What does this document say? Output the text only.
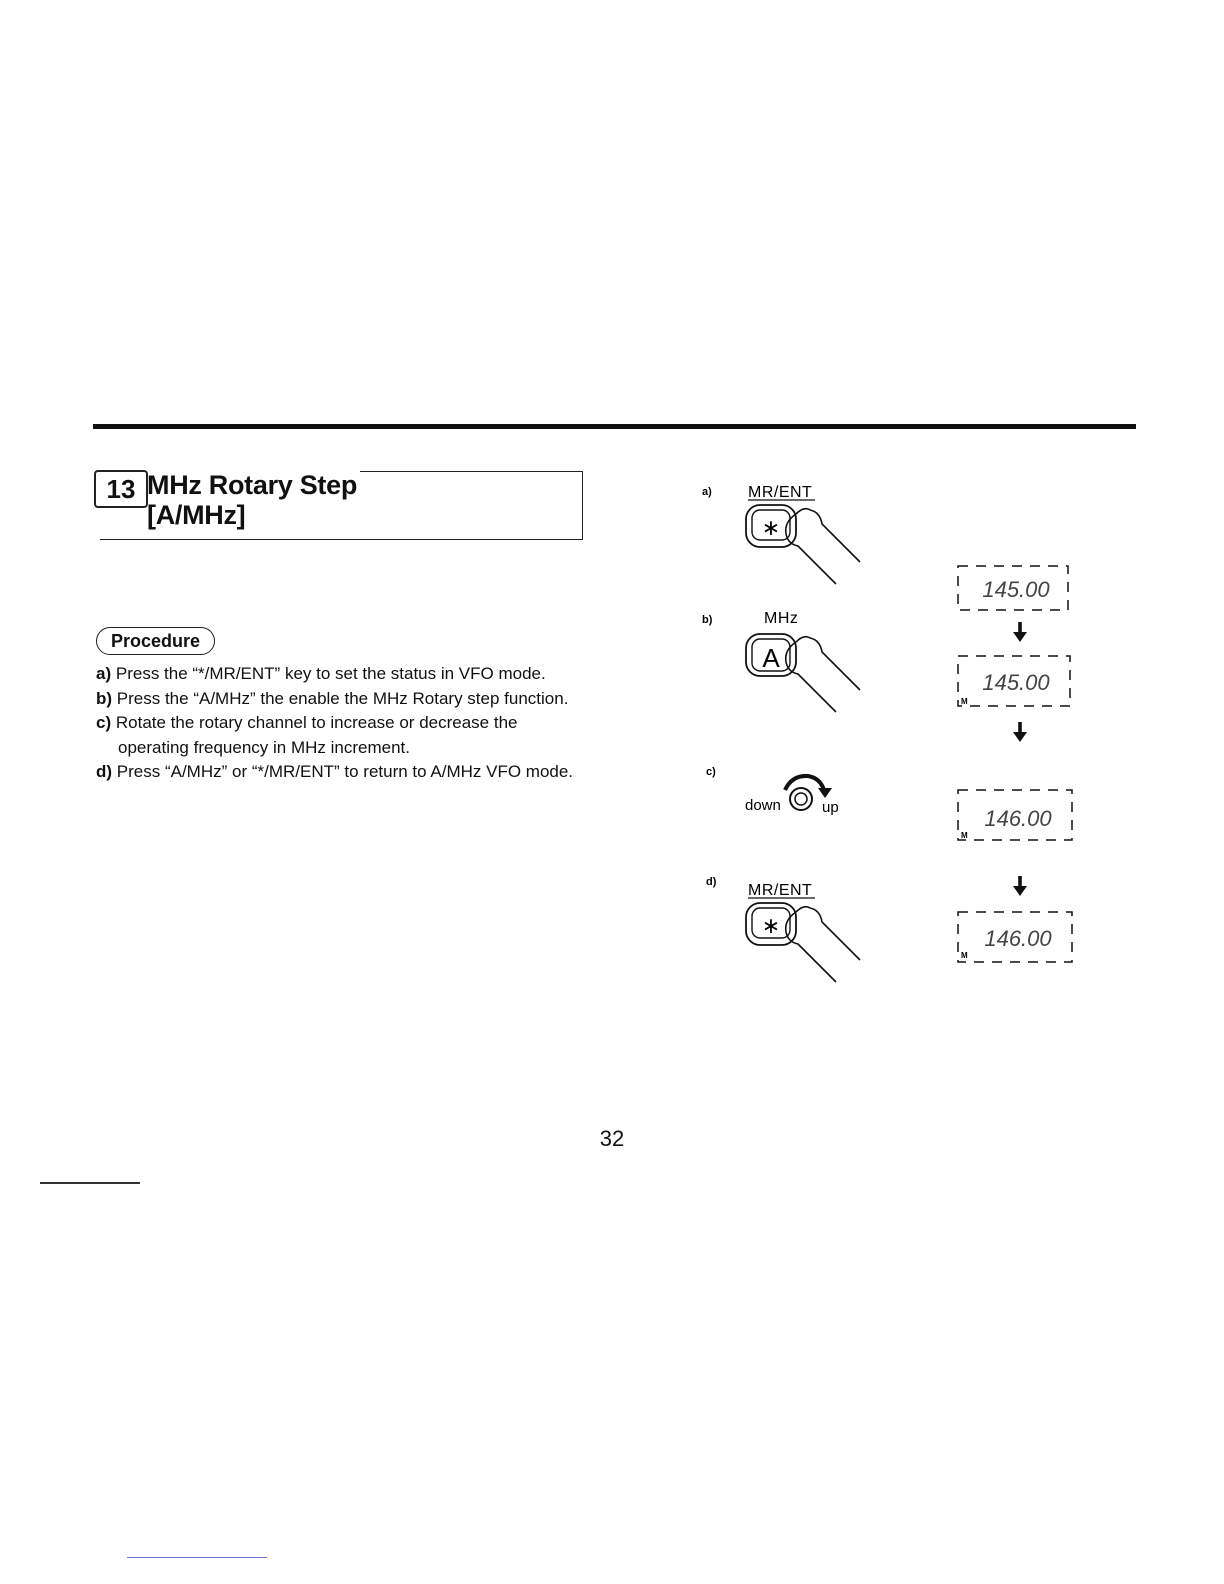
13 MHz Rotary Step
[A/MHz]
Procedure
a) Press the “*/MR/ENT” key to set the status in VFO mode.
b) Press the “A/MHz” the enable the MHz Rotary step function.
c) Rotate the rotary channel to increase or decrease the
operating frequency in MHz increment.
d) Press “A/MHz” or “*/MR/ENT” to return to A/MHz VFO mode.
a)
b)
c)
d)
MR/ENT
∗
MHz
A
down	up
MR/ENT
∗
145.00
145.00
M
146.00
M
146.00
M
32
